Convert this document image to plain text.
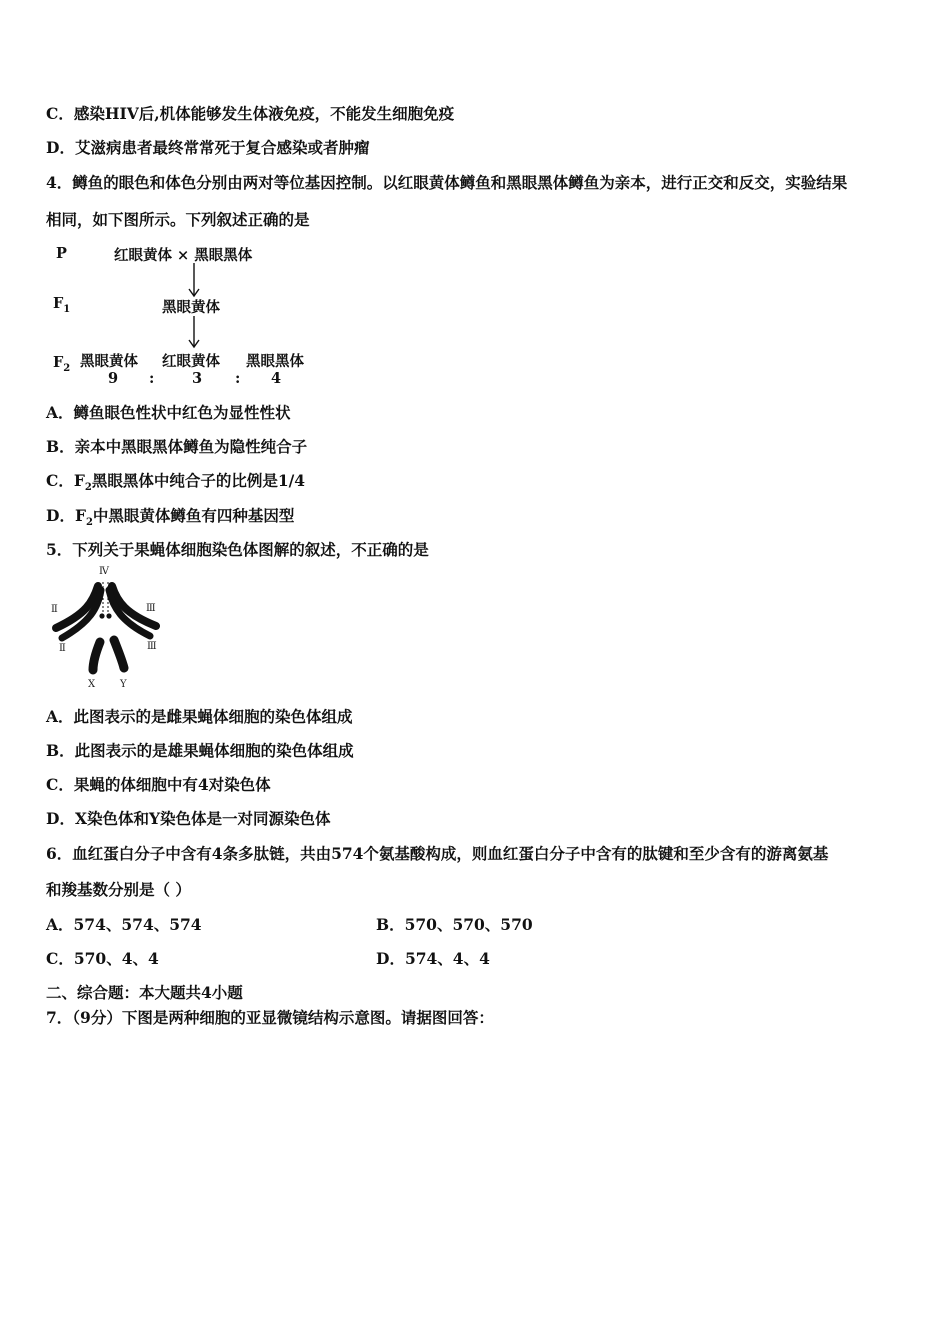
C．感染HIV后,机体能够发生体液免疫，不能发生细胞免疫
D．艾滋病患者最终常常死于复合感染或者肿瘤
4．鳟鱼的眼色和体色分别由两对等位基因控制。以红眼黄体鳟鱼和黑眼黑体鳟鱼为亲本，进行正交和反交，实验结果
相同，如下图所示。下列叙述正确的是
P	红眼黄体 × 黑眼黑体
$F_1$	黑眼黄体
$F_2$ 黑眼黄体 红眼黄体 黑眼黑体
9 :	3 : 4
A．鳟鱼眼色性状中红色为显性性状
B．亲本中黑眼黑体鳟鱼为隐性纯合子
C．$F_2$黑眼黑体中纯合子的比例是1/4
D．$F_2$中黑眼黄体鳟鱼有四种基因型
5．下列关于果蝇体细胞染色体图解的叙述，不正确的是
Ⅳ
Ⅱ	Ⅲ
Ⅱ	Ⅲ
X Y
A．此图表示的是雌果蝇体细胞的染色体组成
B．此图表示的是雄果蝇体细胞的染色体组成
C．果蝇的体细胞中有4对染色体
D．X染色体和Y染色体是一对同源染色体
6．血红蛋白分子中含有4条多肽链，共由574个氨基酸构成，则血红蛋白分子中含有的肽键和至少含有的游离氨基
和羧基数分别是（ ）
A．574、574、574	B．570、570、570
C．570、4、4	D．574、4、4
二、综合题：本大题共4小题
7．（9分）下图是两种细胞的亚显微镜结构示意图。请据图回答：
